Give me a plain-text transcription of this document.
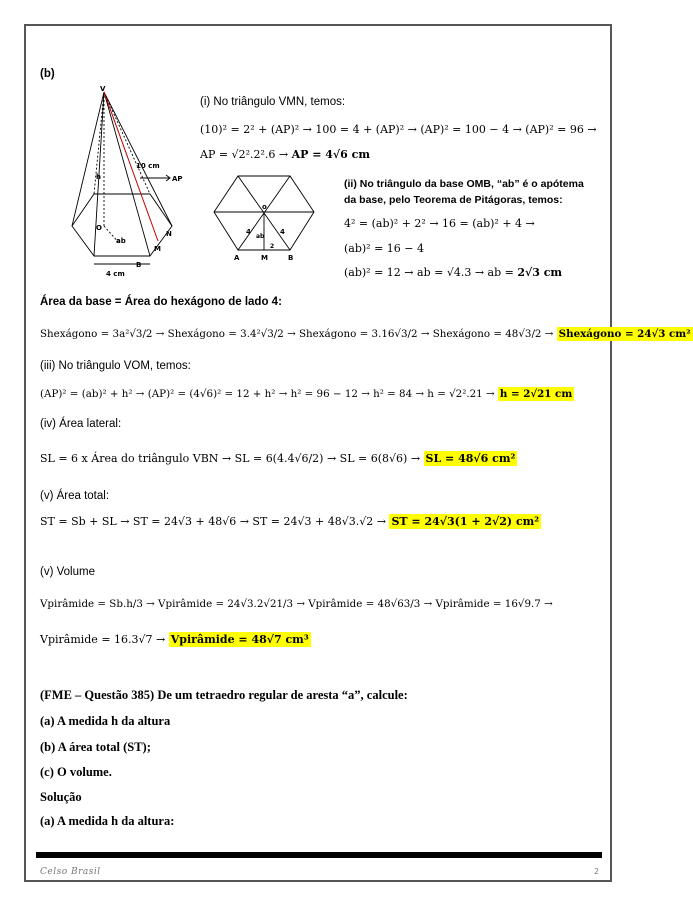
(b)
V
h
10 cm
AP
O
N
ab
M
B
4 cm
o
4	4
ab
2
A	M	B
(i) No triângulo VMN, temos:
(10)² = 2² + (AP)² → 100 = 4 + (AP)² → (AP)² = 100 − 4 → (AP)² = 96 →
AP = √2².2².6 → AP = 4√6 cm
(ii) No triângulo da base OMB, “ab” é o apótema
da base, pelo Teorema de Pitágoras, temos:
4² = (ab)² + 2² → 16 = (ab)² + 4 →
(ab)² = 16 − 4
(ab)² = 12 → ab = √4.3 → ab = 2√3 cm
Área da base = Área do hexágono de lado 4:
Shexágono = 3a²√3/2 → Shexágono = 3.4²√3/2 → Shexágono = 3.16√3/2 → Shexágono = 48√3/2 → Shexágono = 24√3 cm²
(iii) No triângulo VOM, temos:
(AP)² = (ab)² + h² → (AP)² = (4√6)² = 12 + h² → h² = 96 − 12 → h² = 84 → h = √2².21 → h = 2√21 cm
(iv) Área lateral:
SL = 6 x Área do triângulo VBN → SL = 6(4.4√6/2) → SL = 6(8√6) → SL = 48√6 cm²
(v) Área total:
ST = Sb + SL → ST = 24√3 + 48√6 → ST = 24√3 + 48√3.√2 → ST = 24√3(1 + 2√2) cm²
(v) Volume
Vpirâmide = Sb.h/3 → Vpirâmide = 24√3.2√21/3 → Vpirâmide = 48√63/3 → Vpirâmide = 16√9.7 →
Vpirâmide = 16.3√7 → Vpirâmide = 48√7 cm³
(FME – Questão 385) De um tetraedro regular de aresta “a”, calcule:
(a) A medida h da altura
(b) A área total (ST);
(c) O volume.
Solução
(a) A medida h da altura:
Celso Brasil	2
